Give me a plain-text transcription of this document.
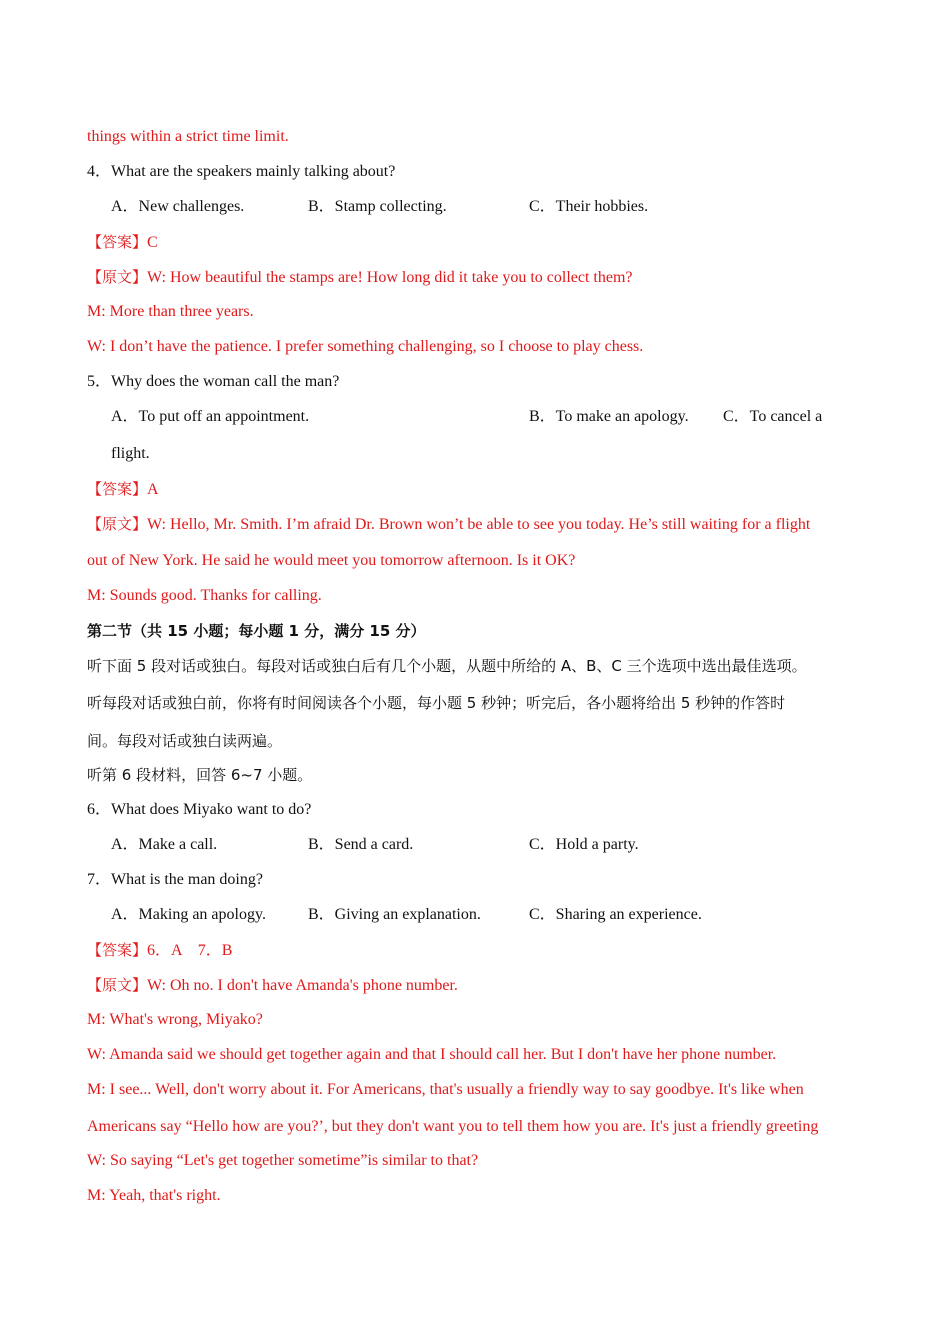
things within a strict time limit.
4．What are the speakers mainly talking about?
A．New challenges.	B．Stamp collecting.	C．Their hobbies.
【答案】C
【原文】W: How beautiful the stamps are! How long did it take you to collect them?
M: More than three years.
W: I don’t have the patience. I prefer something challenging, so I choose to play chess.
5．Why does the woman call the man?
A．To put off an appointment.	B．To make an apology. C．To cancel a
flight.
【答案】A
【原文】W: Hello, Mr. Smith. I’m afraid Dr. Brown won’t be able to see you today. He’s still waiting for a flight
out of New York. He said he would meet you tomorrow afternoon. Is it OK?
M: Sounds good. Thanks for calling.
第二节（共 15 小题；每小题 1 分，满分 15 分）
听下面 5 段对话或独白。每段对话或独白后有几个小题，从题中所给的 A、B、C 三个选项中选出最佳选项。
听每段对话或独白前，你将有时间阅读各个小题，每小题 5 秒钟；听完后，各小题将给出 5 秒钟的作答时
间。每段对话或独白读两遍。
听第 6 段材料，回答 6~7 小题。
6．What does Miyako want to do?
A．Make a call.	B．Send a card.	C．Hold a party.
7．What is the man doing?
A．Making an apology.	B．Giving an explanation.	C．Sharing an experience.
【答案】6．A　7．B
【原文】W: Oh no. I don't have Amanda's phone number.
M: What's wrong, Miyako?
W: Amanda said we should get together again and that I should call her. But I don't have her phone number.
M: I see... Well, don't worry about it. For Americans, that's usually a friendly way to say goodbye. It's like when
Americans say “Hello how are you?’, but they don't want you to tell them how you are. It's just a friendly greeting
W: So saying “Let's get together sometime”is similar to that?
M: Yeah, that's right.
